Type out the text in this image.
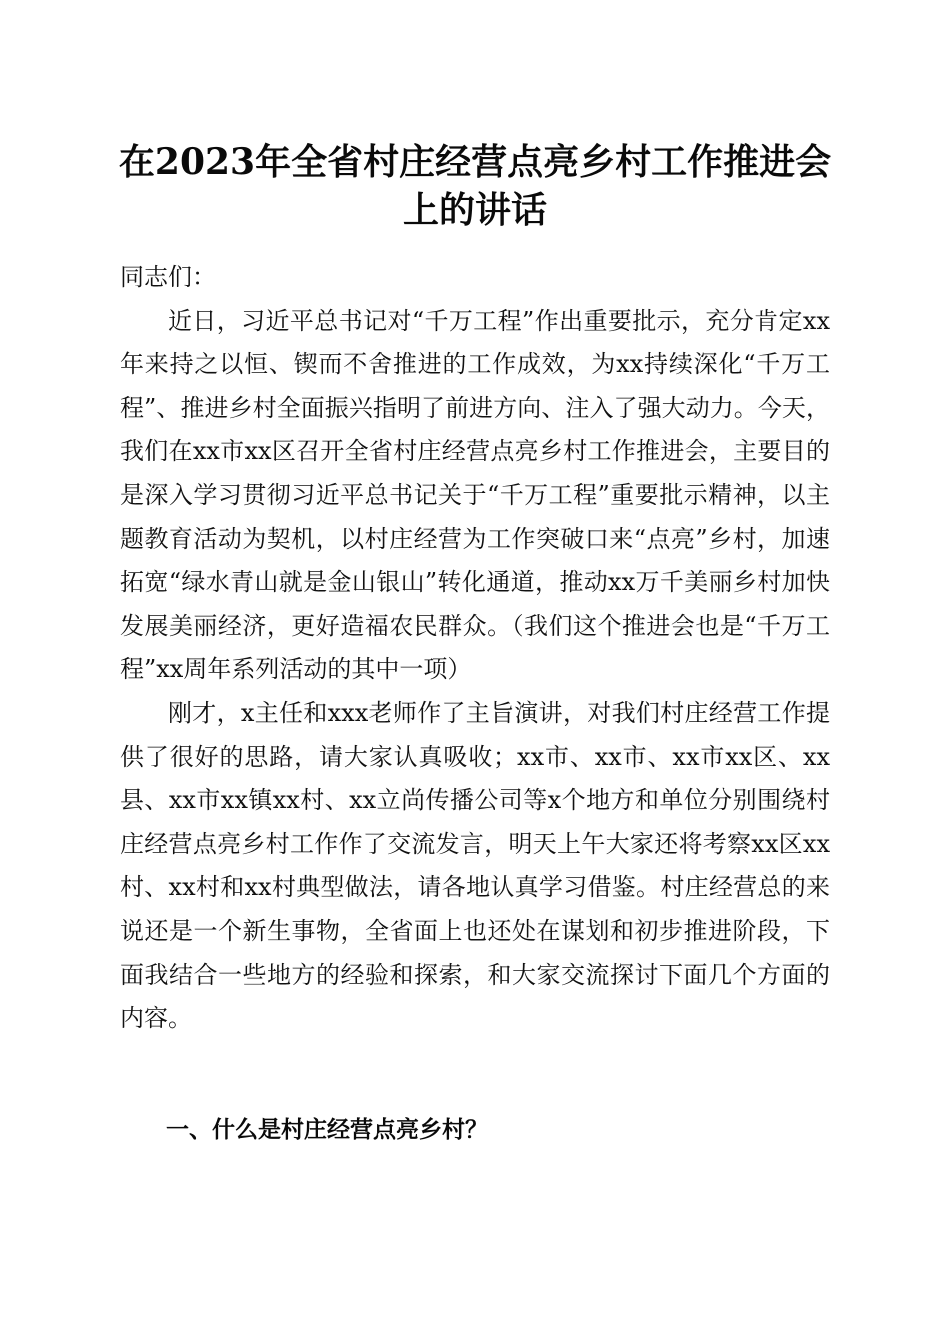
在2023年全省村庄经营点亮乡村工作推进会
上的讲话

同志们：

近日，习近平总书记对“千万工程”作出重要批示，充分肯定xx年来持之以恒、锲而不舍推进的工作成效，为xx持续深化“千万工程”、推进乡村全面振兴指明了前进方向、注入了强大动力。今天，我们在xx市xx区召开全省村庄经营点亮乡村工作推进会，主要目的是深入学习贯彻习近平总书记关于“千万工程”重要批示精神，以主题教育活动为契机，以村庄经营为工作突破口来“点亮”乡村，加速拓宽“绿水青山就是金山银山”转化通道，推动xx万千美丽乡村加快发展美丽经济，更好造福农民群众。（我们这个推进会也是“千万工程”xx周年系列活动的其中一项）

刚才，x主任和xxx老师作了主旨演讲，对我们村庄经营工作提供了很好的思路，请大家认真吸收；xx市、xx市、xx市xx区、xx县、xx市xx镇xx村、xx立尚传播公司等x个地方和单位分别围绕村庄经营点亮乡村工作作了交流发言，明天上午大家还将考察xx区xx村、xx村和xx村典型做法，请各地认真学习借鉴。村庄经营总的来说还是一个新生事物，全省面上也还处在谋划和初步推进阶段，下面我结合一些地方的经验和探索，和大家交流探讨下面几个方面的内容。

一、什么是村庄经营点亮乡村？
